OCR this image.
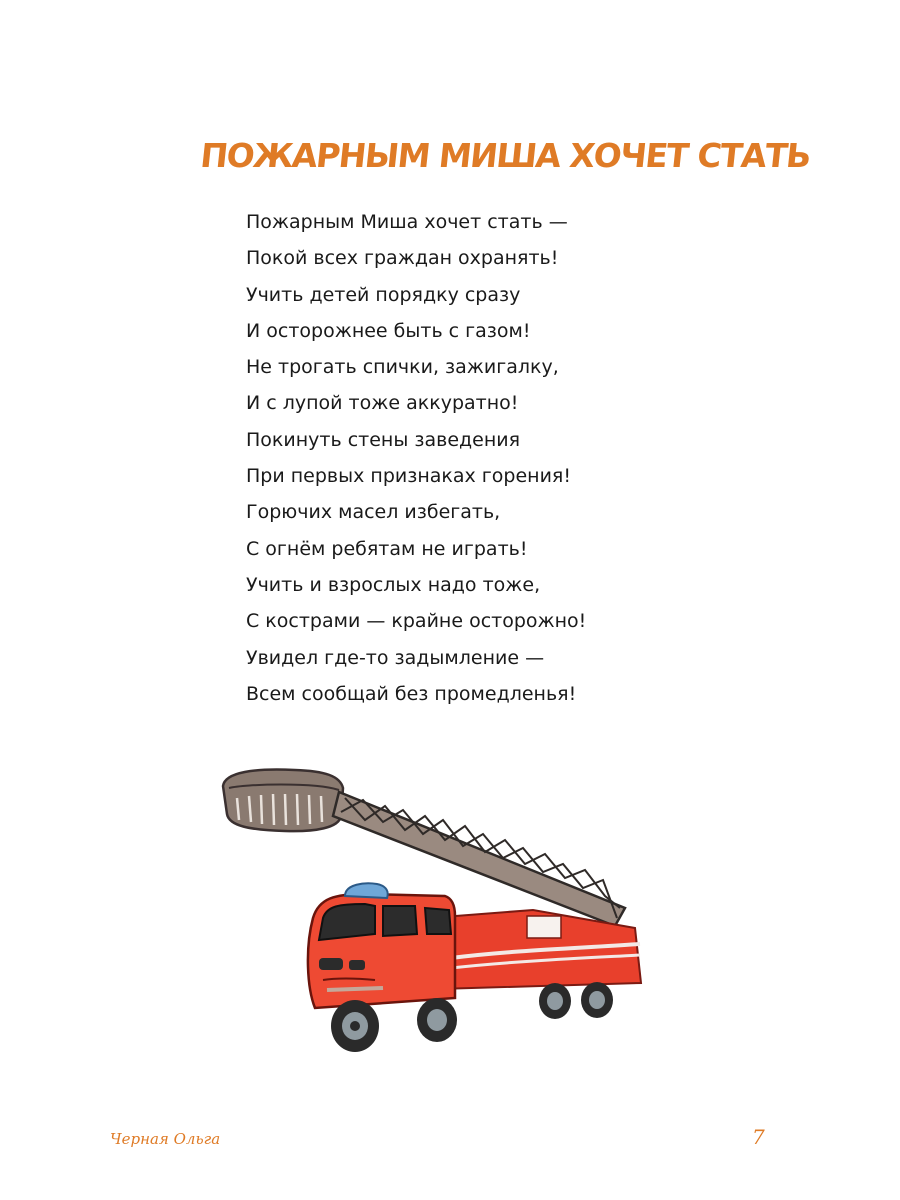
ПОЖАРНЫМ МИША ХОЧЕТ СТАТЬ
Пожарным Миша хочет стать —
Покой всех граждан охранять!
Учить детей порядку сразу
И осторожнее быть с газом!
Не трогать спички, зажигалку,
И с лупой тоже аккуратно!
Покинуть стены заведения
При первых признаках горения!
Горючих масел избегать,
С огнём ребятам не играть!
Учить и взрослых надо тоже,
С кострами — крайне осторожно!
Увидел где-то задымление —
Всем сообщай без промедленья!
Черная Ольга	7
